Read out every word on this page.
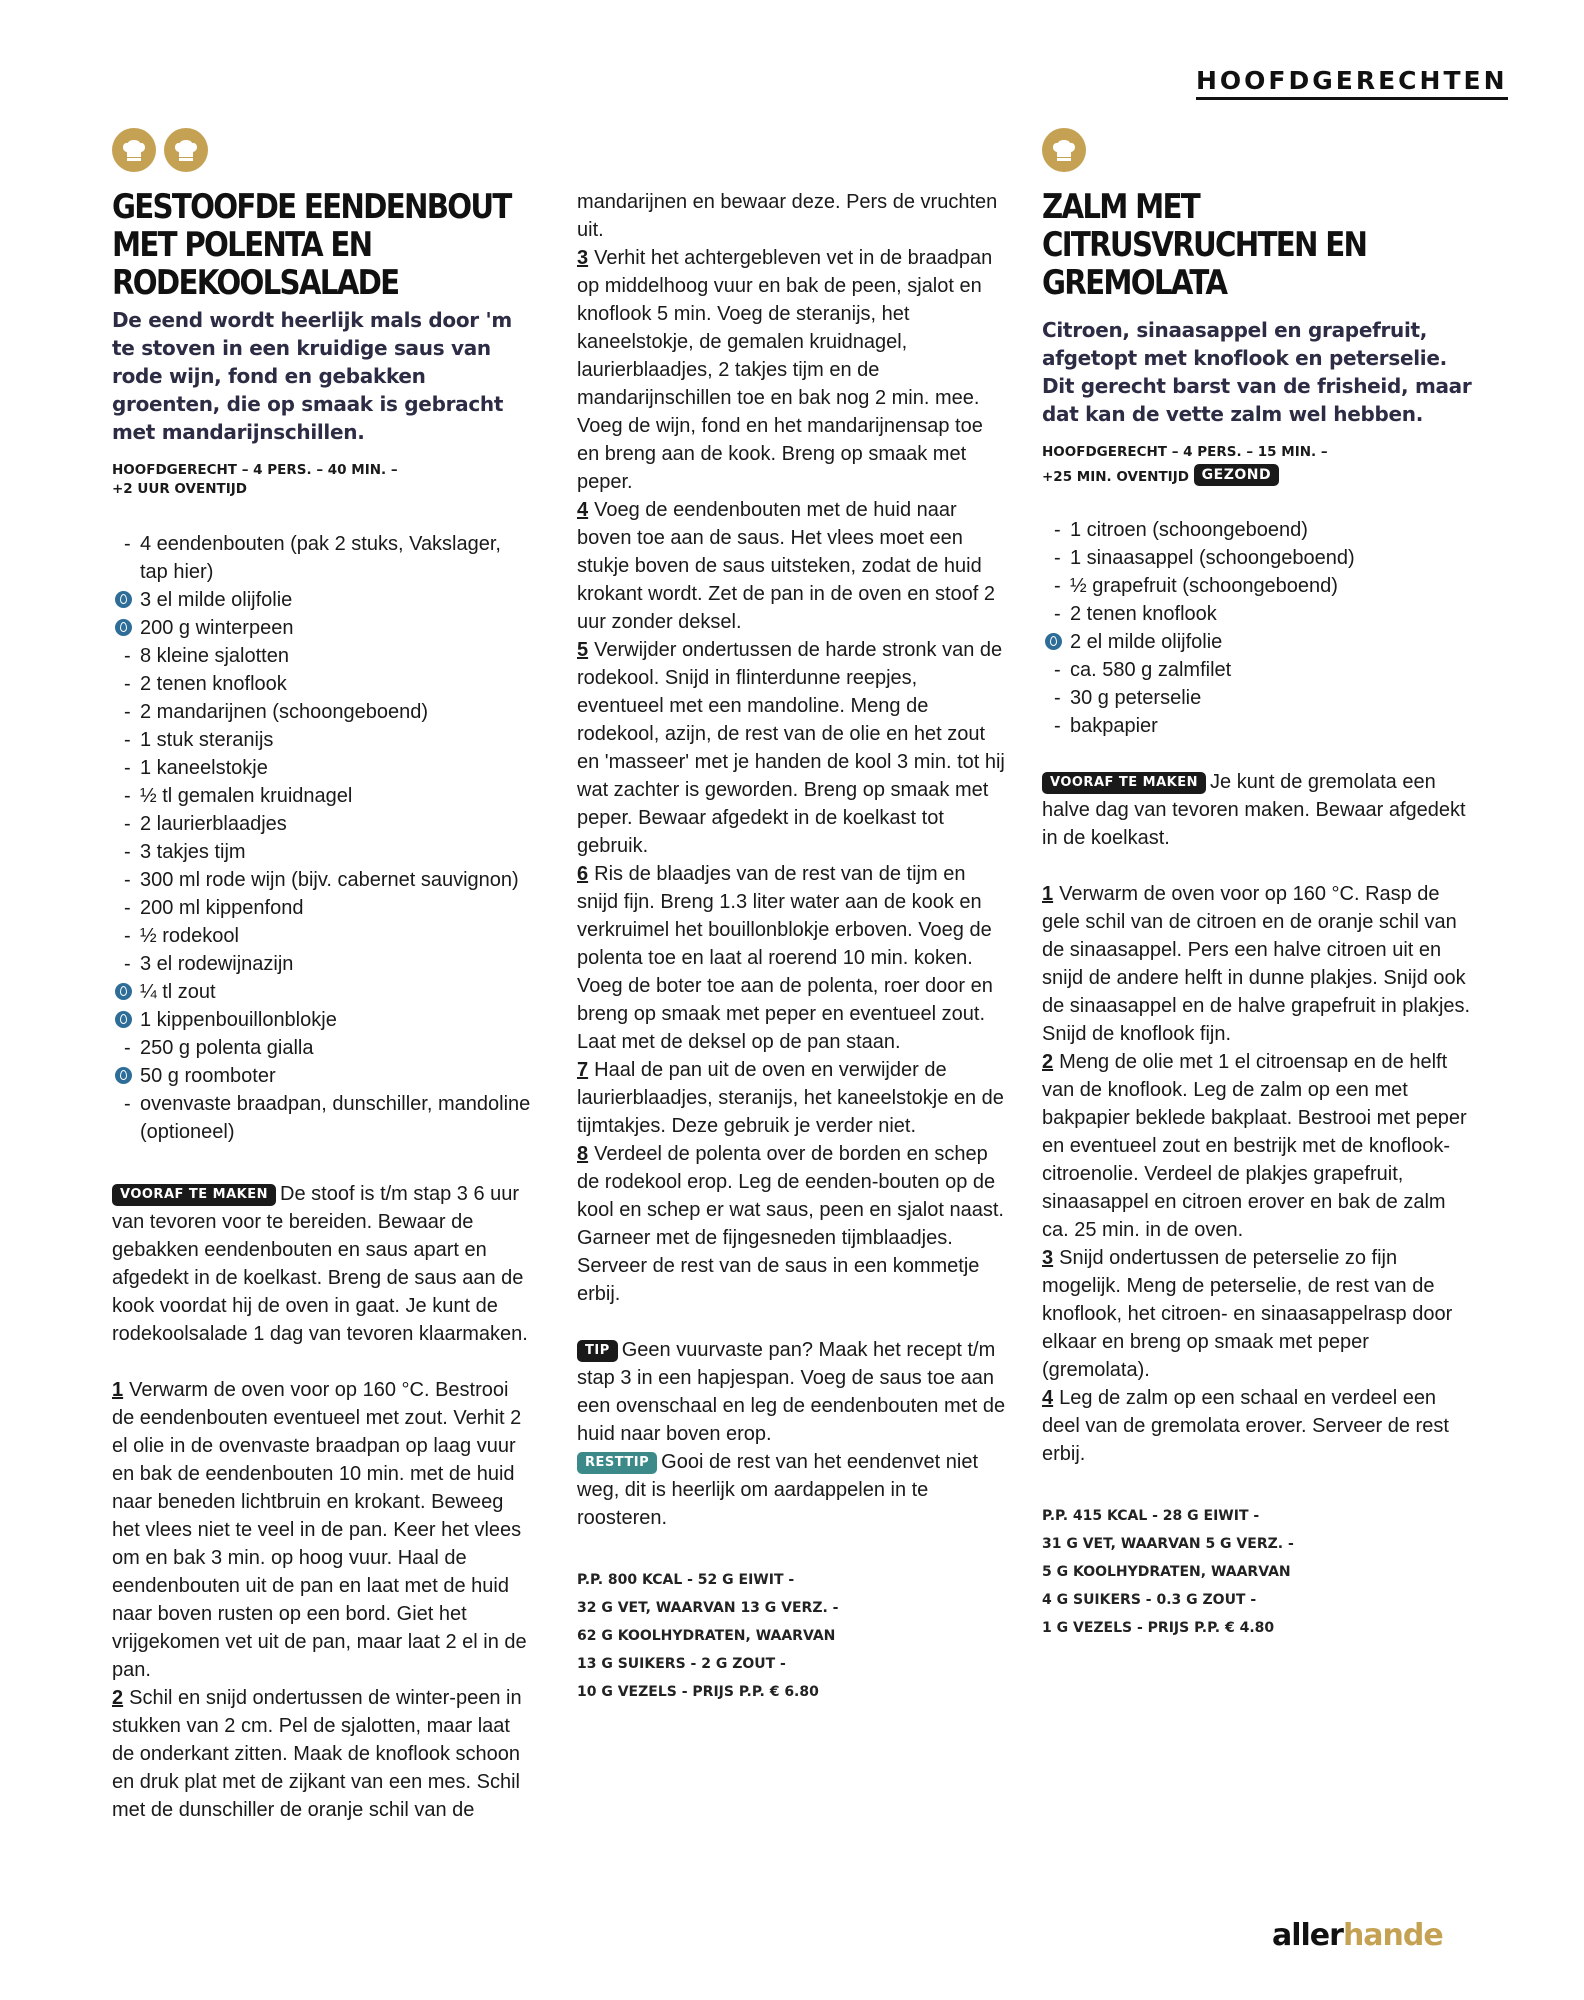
HOOFDGERECHTEN
GESTOOFDE EENDENBOUT MET POLENTA EN RODEKOOLSALADE
De eend wordt heerlijk mals door 'm te stoven in een kruidige saus van rode wijn, fond en gebakken groenten, die op smaak is gebracht met mandarijnschillen.
HOOFDGERECHT – 4 PERS. – 40 MIN. –
+2 UUR OVENTIJD
- 4 eendenbouten (pak 2 stuks, Vakslager, tap hier)
3 el milde olijfolie
200 g winterpeen
- 8 kleine sjalotten
- 2 tenen knoflook
- 2 mandarijnen (schoongeboend)
- 1 stuk steranijs
- 1 kaneelstokje
- ½ tl gemalen kruidnagel
- 2 laurierblaadjes
- 3 takjes tijm
- 300 ml rode wijn (bijv. cabernet sauvignon)
- 200 ml kippenfond
- ½ rodekool
- 3 el rodewijnazijn
¼ tl zout
1 kippenbouillonblokje
- 250 g polenta gialla
50 g roomboter
- ovenvaste braadpan, dunschiller, mandoline (optioneel)

VOORAF TE MAKEN De stoof is t/m stap 3 6 uur van tevoren voor te bereiden. Bewaar de gebakken eendenbouten en saus apart en afgedekt in de koelkast. Breng de saus aan de kook voordat hij de oven in gaat. Je kunt de rodekoolsalade 1 dag van tevoren klaarmaken.

1 Verwarm de oven voor op 160 °C. Bestrooi de eendenbouten eventueel met zout. Verhit 2 el olie in de ovenvaste braadpan op laag vuur en bak de eendenbouten 10 min. met de huid naar beneden lichtbruin en krokant. Beweeg het vlees niet te veel in de pan. Keer het vlees om en bak 3 min. op hoog vuur. Haal de eendenbouten uit de pan en laat met de huid naar boven rusten op een bord. Giet het vrijgekomen vet uit de pan, maar laat 2 el in de pan.

2 Schil en snijd ondertussen de winter-peen in stukken van 2 cm. Pel de sjalotten, maar laat de onderkant zitten. Maak de knoflook schoon en druk plat met de zijkant van een mes. Schil met de dunschiller de oranje schil van de

mandarijnen en bewaar deze. Pers de vruchten uit.

3 Verhit het achtergebleven vet in de braadpan op middelhoog vuur en bak de peen, sjalot en knoflook 5 min. Voeg de steranijs, het kaneelstokje, de gemalen kruidnagel, laurierblaadjes, 2 takjes tijm en de mandarijnschillen toe en bak nog 2 min. mee. Voeg de wijn, fond en het mandarijnensap toe en breng aan de kook. Breng op smaak met peper.

4 Voeg de eendenbouten met de huid naar boven toe aan de saus. Het vlees moet een stukje boven de saus uitsteken, zodat de huid krokant wordt. Zet de pan in de oven en stoof 2 uur zonder deksel.

5 Verwijder ondertussen de harde stronk van de rodekool. Snijd in flinterdunne reepjes, eventueel met een mandoline. Meng de rodekool, azijn, de rest van de olie en het zout en 'masseer' met je handen de kool 3 min. tot hij wat zachter is geworden. Breng op smaak met peper. Bewaar afgedekt in de koelkast tot gebruik.

6 Ris de blaadjes van de rest van de tijm en snijd fijn. Breng 1.3 liter water aan de kook en verkruimel het bouillonblokje erboven. Voeg de polenta toe en laat al roerend 10 min. koken. Voeg de boter toe aan de polenta, roer door en breng op smaak met peper en eventueel zout. Laat met de deksel op de pan staan.

7 Haal de pan uit de oven en verwijder de laurierblaadjes, steranijs, het kaneelstokje en de tijmtakjes. Deze gebruik je verder niet.

8 Verdeel de polenta over de borden en schep de rodekool erop. Leg de eenden-bouten op de kool en schep er wat saus, peen en sjalot naast. Garneer met de fijngesneden tijmblaadjes. Serveer de rest van de saus in een kommetje erbij.

TIP Geen vuurvaste pan? Maak het recept t/m stap 3 in een hapjespan. Voeg de saus toe aan een ovenschaal en leg de eendenbouten met de huid naar boven erop.

RESTTIP Gooi de rest van het eendenvet niet weg, dit is heerlijk om aardappelen in te roosteren.

P.P. 800 KCAL - 52 G EIWIT -
32 G VET, WAARVAN 13 G VERZ. -
62 G KOOLHYDRATEN, WAARVAN
13 G SUIKERS - 2 G ZOUT -
10 G VEZELS - PRIJS P.P. € 6.80
ZALM MET CITRUSVRUCHTEN EN GREMOLATA
Citroen, sinaasappel en grapefruit, afgetopt met knoflook en peterselie. Dit gerecht barst van de frisheid, maar dat kan de vette zalm wel hebben.
HOOFDGERECHT – 4 PERS. – 15 MIN. –
+25 MIN. OVENTIJD GEZOND
- 1 citroen (schoongeboend)
- 1 sinaasappel (schoongeboend)
- ½ grapefruit (schoongeboend)
- 2 tenen knoflook
2 el milde olijfolie
- ca. 580 g zalmfilet
- 30 g peterselie
- bakpapier

VOORAF TE MAKEN Je kunt de gremolata een halve dag van tevoren maken. Bewaar afgedekt in de koelkast.

1 Verwarm de oven voor op 160 °C. Rasp de gele schil van de citroen en de oranje schil van de sinaasappel. Pers een halve citroen uit en snijd de andere helft in dunne plakjes. Snijd ook de sinaasappel en de halve grapefruit in plakjes. Snijd de knoflook fijn.

2 Meng de olie met 1 el citroensap en de helft van de knoflook. Leg de zalm op een met bakpapier beklede bakplaat. Bestrooi met peper en eventueel zout en bestrijk met de knoflook-citroenolie. Verdeel de plakjes grapefruit, sinaasappel en citroen erover en bak de zalm ca. 25 min. in de oven.

3 Snijd ondertussen de peterselie zo fijn mogelijk. Meng de peterselie, de rest van de knoflook, het citroen- en sinaasappelrasp door elkaar en breng op smaak met peper (gremolata).

4 Leg de zalm op een schaal en verdeel een deel van de gremolata erover. Serveer de rest erbij.

P.P. 415 KCAL - 28 G EIWIT -
31 G VET, WAARVAN 5 G VERZ. -
5 G KOOLHYDRATEN, WAARVAN
4 G SUIKERS - 0.3 G ZOUT -
1 G VEZELS - PRIJS P.P. € 4.80
allerhande
